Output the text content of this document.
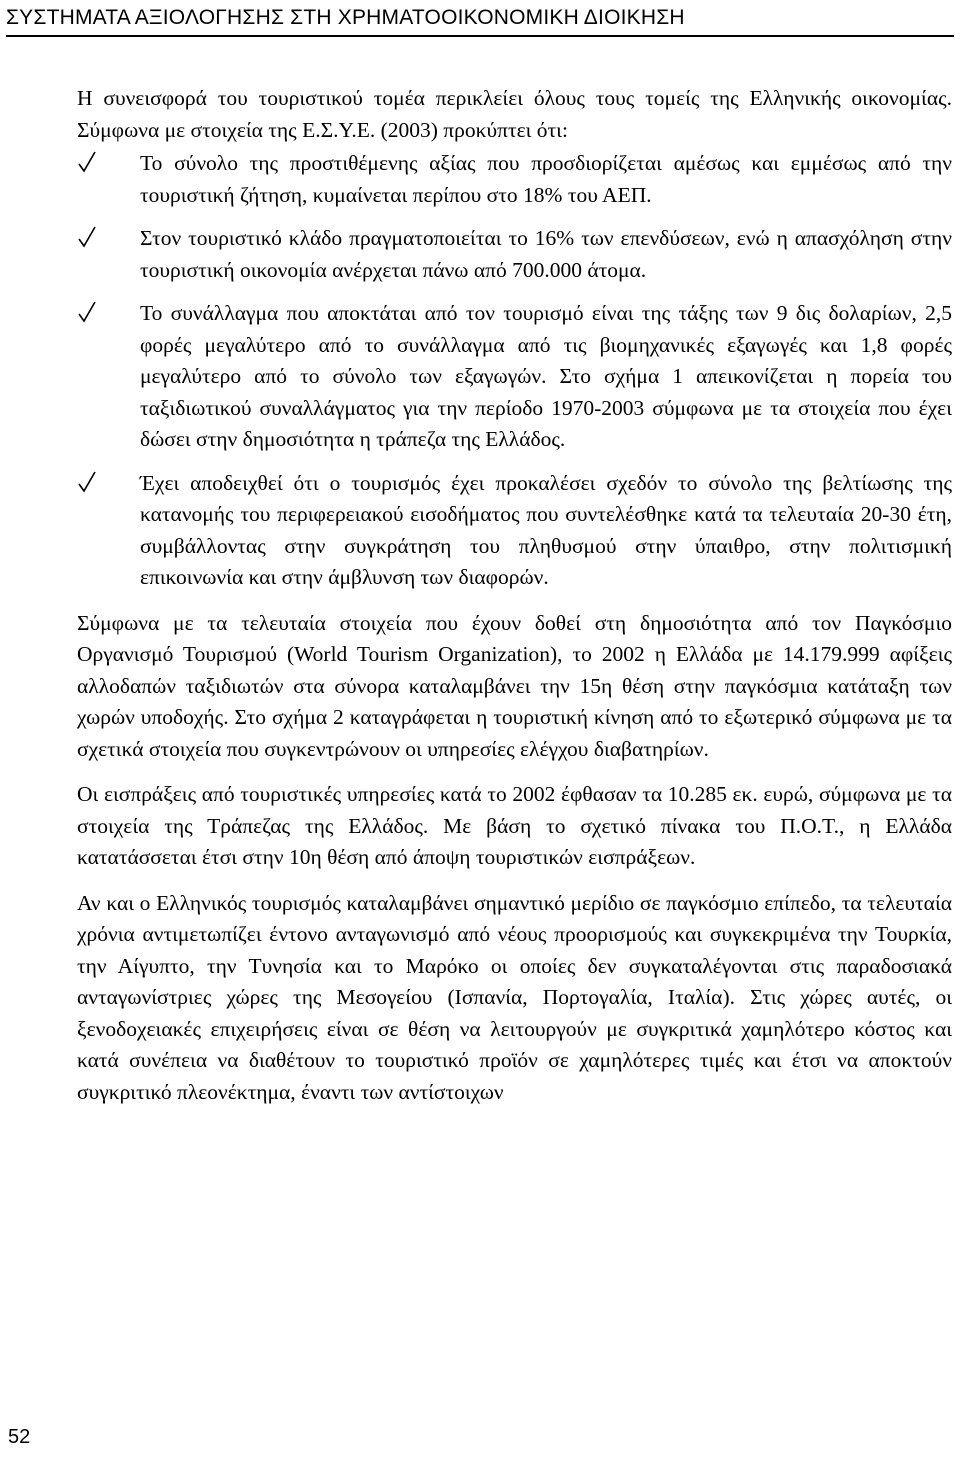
ΣΥΣΤΗΜΑΤΑ ΑΞΙΟΛΟΓΗΣΗΣ ΣΤΗ ΧΡΗΜΑΤΟΟΙΚΟΝΟΜΙΚΗ ΔΙΟΙΚΗΣΗ

Η συνεισφορά του τουριστικού τομέα περικλείει όλους τους τομείς της Ελληνικής οικονομίας. Σύμφωνα με στοιχεία της Ε.Σ.Υ.Ε. (2003) προκύπτει ότι:

Το σύνολο της προστιθέμενης αξίας που προσδιορίζεται αμέσως και εμμέσως από την τουριστική ζήτηση, κυμαίνεται περίπου στο 18% του ΑΕΠ.
Στον τουριστικό κλάδο πραγματοποιείται το 16% των επενδύσεων, ενώ η απασχόληση στην τουριστική οικονομία ανέρχεται πάνω από 700.000 άτομα.
Το συνάλλαγμα που αποκτάται από τον τουρισμό είναι της τάξης των 9 δις δολαρίων, 2,5 φορές μεγαλύτερο από το συνάλλαγμα από τις βιομηχανικές εξαγωγές και 1,8 φορές μεγαλύτερο από το σύνολο των εξαγωγών. Στο σχήμα 1 απεικονίζεται η πορεία του ταξιδιωτικού συναλλάγματος για την περίοδο 1970-2003 σύμφωνα με τα στοιχεία που έχει δώσει στην δημοσιότητα η τράπεζα της Ελλάδος.
Έχει αποδειχθεί ότι ο τουρισμός έχει προκαλέσει σχεδόν το σύνολο της βελτίωσης της κατανομής του περιφερειακού εισοδήματος που συντελέσθηκε κατά τα τελευταία 20-30 έτη, συμβάλλοντας στην συγκράτηση του πληθυσμού στην ύπαιθρο, στην πολιτισμική επικοινωνία και στην άμβλυνση των διαφορών.

Σύμφωνα με τα τελευταία στοιχεία που έχουν δοθεί στη δημοσιότητα από τον Παγκόσμιο Οργανισμό Τουρισμού (World Tourism Organization), το 2002 η Ελλάδα με 14.179.999 αφίξεις αλλοδαπών ταξιδιωτών στα σύνορα καταλαμβάνει την 15η θέση στην παγκόσμια κατάταξη των χωρών υποδοχής. Στο σχήμα 2 καταγράφεται η τουριστική κίνηση από το εξωτερικό σύμφωνα με τα σχετικά στοιχεία που συγκεντρώνουν οι υπηρεσίες ελέγχου διαβατηρίων.

Οι εισπράξεις από τουριστικές υπηρεσίες κατά το 2002 έφθασαν τα 10.285 εκ. ευρώ, σύμφωνα με τα στοιχεία της Τράπεζας της Ελλάδος. Με βάση το σχετικό πίνακα του Π.Ο.Τ., η Ελλάδα κατατάσσεται έτσι στην 10η θέση από άποψη τουριστικών εισπράξεων.

Αν και ο Ελληνικός τουρισμός καταλαμβάνει σημαντικό μερίδιο σε παγκόσμιο επίπεδο, τα τελευταία χρόνια αντιμετωπίζει έντονο ανταγωνισμό από νέους προορισμούς και συγκεκριμένα την Τουρκία, την Αίγυπτο, την Τυνησία και το Μαρόκο οι οποίες δεν συγκαταλέγονται στις παραδοσιακά ανταγωνίστριες χώρες της Μεσογείου (Ισπανία, Πορτογαλία, Ιταλία). Στις χώρες αυτές, οι ξενοδοχειακές επιχειρήσεις είναι σε θέση να λειτουργούν με συγκριτικά χαμηλότερο κόστος και κατά συνέπεια να διαθέτουν το τουριστικό προϊόν σε χαμηλότερες τιμές και έτσι να αποκτούν συγκριτικό πλεονέκτημα, έναντι των αντίστοιχων

52
